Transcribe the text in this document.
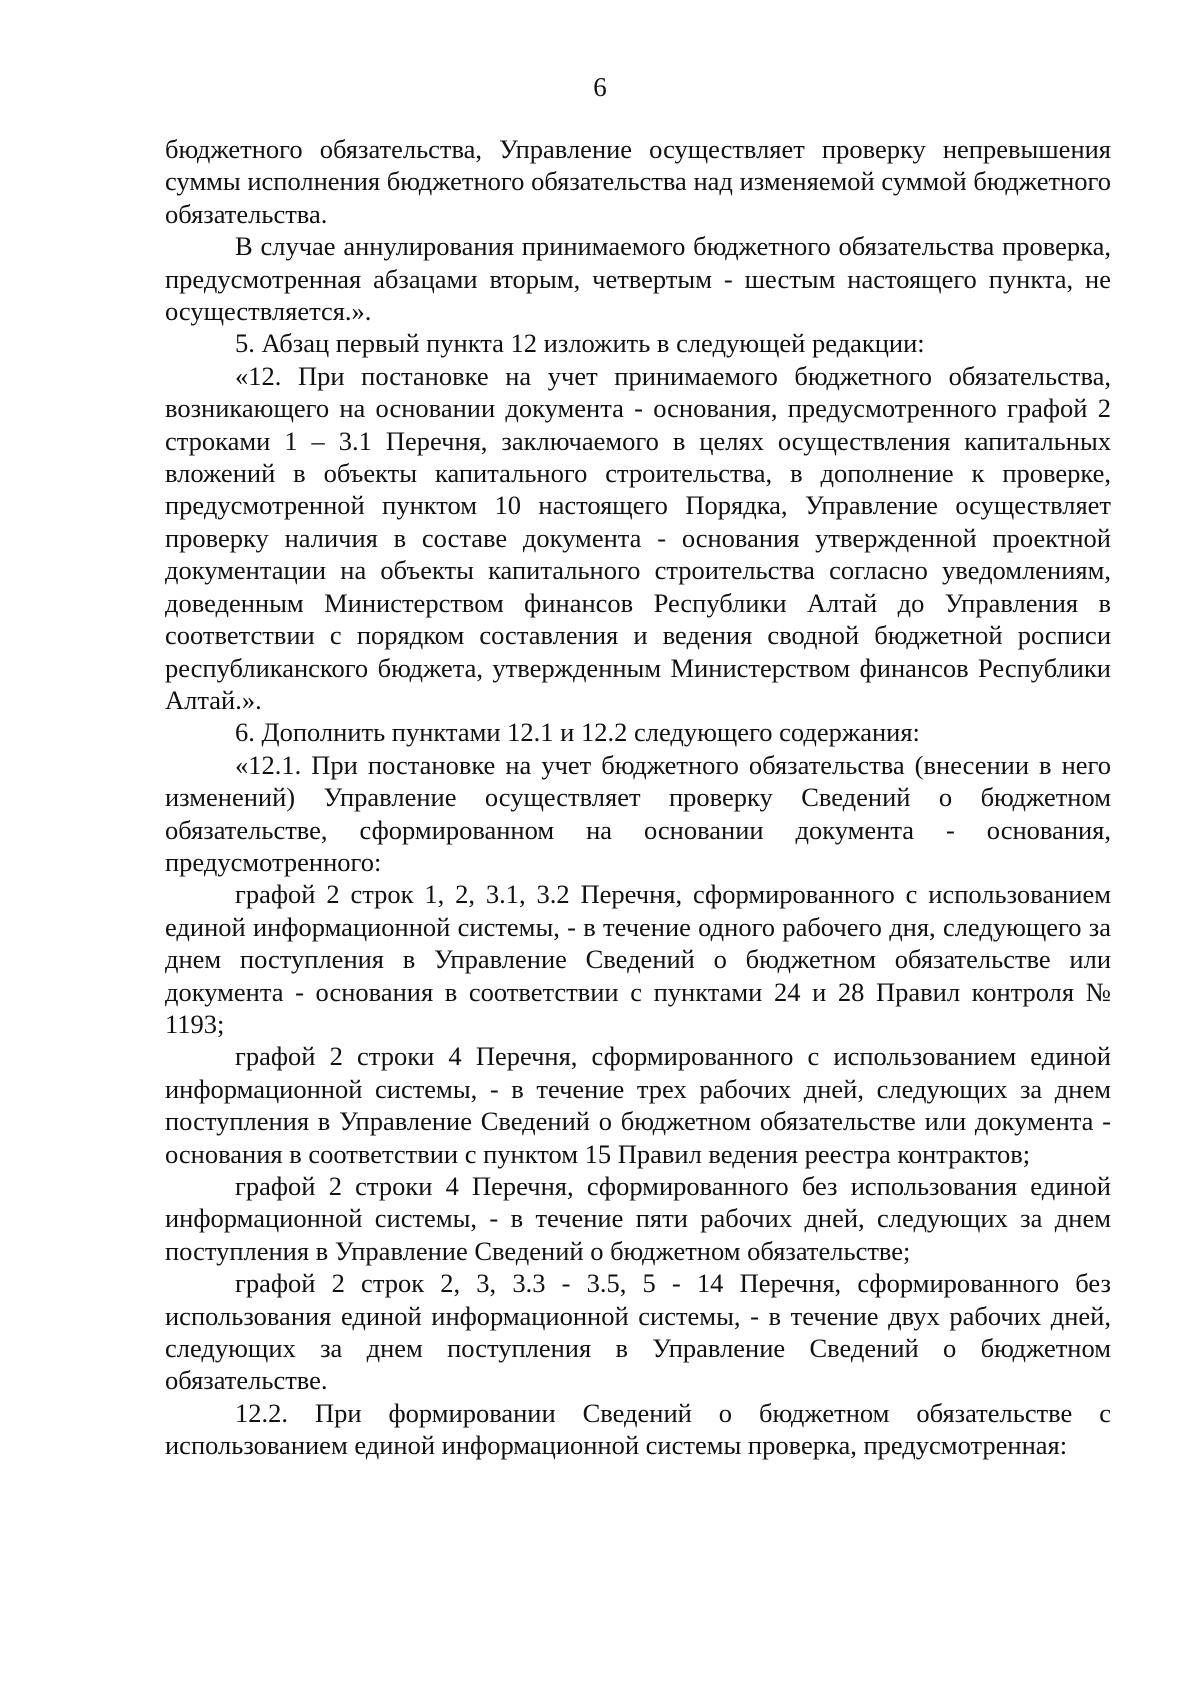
6

бюджетного обязательства, Управление осуществляет проверку непревышения суммы исполнения бюджетного обязательства над изменяемой суммой бюджетного обязательства.

В случае аннулирования принимаемого бюджетного обязательства проверка, предусмотренная абзацами вторым, четвертым - шестым настоящего пункта, не осуществляется.».

5. Абзац первый пункта 12 изложить в следующей редакции:

«12. При постановке на учет принимаемого бюджетного обязательства, возникающего на основании документа - основания, предусмотренного графой 2 строками 1 – 3.1 Перечня, заключаемого в целях осуществления капитальных вложений в объекты капитального строительства, в дополнение к проверке, предусмотренной пунктом 10 настоящего Порядка, Управление осуществляет проверку наличия в составе документа - основания утвержденной проектной документации на объекты капитального строительства согласно уведомлениям, доведенным Министерством финансов Республики Алтай до Управления в соответствии с порядком составления и ведения сводной бюджетной росписи республиканского бюджета, утвержденным Министерством финансов Республики Алтай.».

6. Дополнить пунктами 12.1 и 12.2 следующего содержания:

«12.1. При постановке на учет бюджетного обязательства (внесении в него изменений) Управление осуществляет проверку Сведений о бюджетном обязательстве, сформированном на основании документа - основания, предусмотренного:

графой 2 строк 1, 2, 3.1, 3.2 Перечня, сформированного с использованием единой информационной системы, - в течение одного рабочего дня, следующего за днем поступления в Управление Сведений о бюджетном обязательстве или документа - основания в соответствии с пунктами 24 и 28 Правил контроля № 1193;

графой 2 строки 4 Перечня, сформированного с использованием единой информационной системы, - в течение трех рабочих дней, следующих за днем поступления в Управление Сведений о бюджетном обязательстве или документа - основания в соответствии с пунктом 15 Правил ведения реестра контрактов;

графой 2 строки 4 Перечня, сформированного без использования единой информационной системы, - в течение пяти рабочих дней, следующих за днем поступления в Управление Сведений о бюджетном обязательстве;

графой 2 строк 2, 3, 3.3 - 3.5, 5 - 14 Перечня, сформированного без использования единой информационной системы, - в течение двух рабочих дней, следующих за днем поступления в Управление Сведений о бюджетном обязательстве.

12.2. При формировании Сведений о бюджетном обязательстве с использованием единой информационной системы проверка, предусмотренная:
